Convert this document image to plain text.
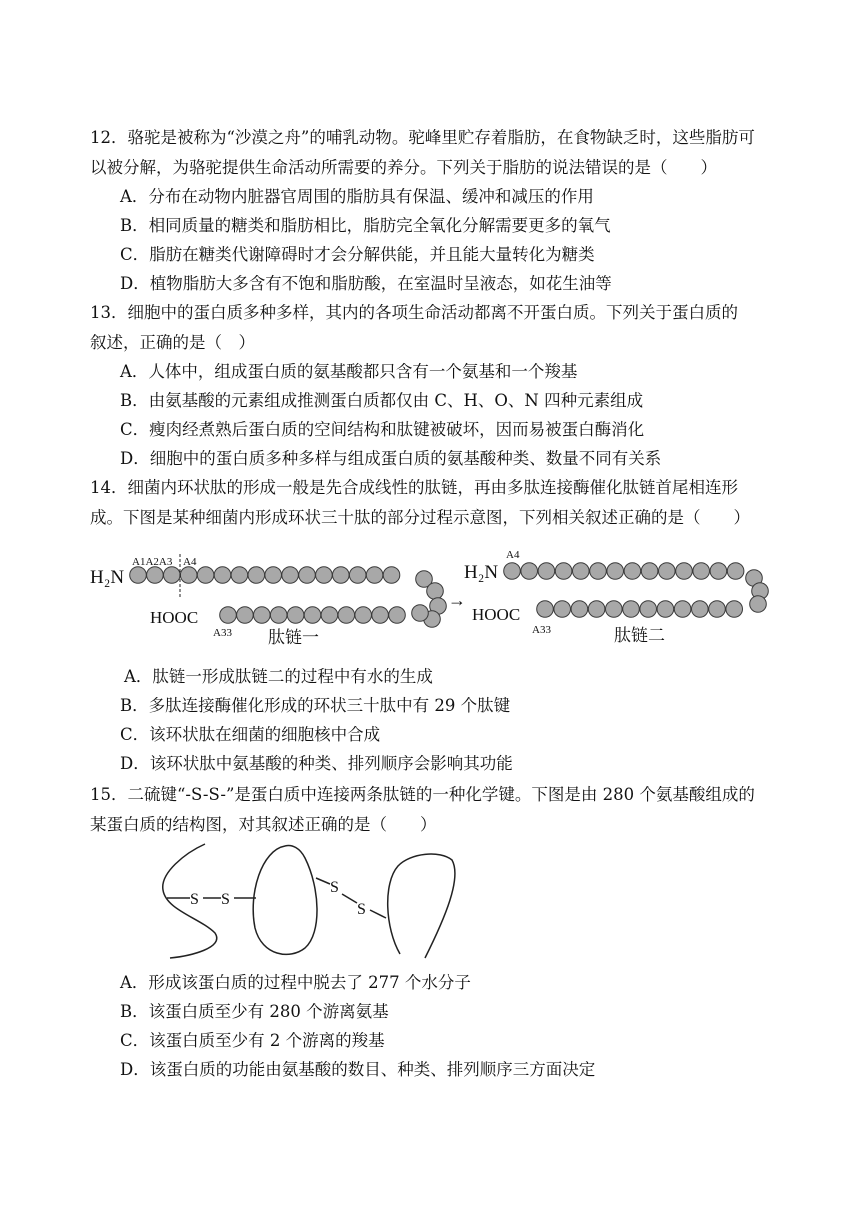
12．骆驼是被称为“沙漠之舟”的哺乳动物。驼峰里贮存着脂肪，在食物缺乏时，这些脂肪可
以被分解，为骆驼提供生命活动所需要的养分。下列关于脂肪的说法错误的是（　　）
A．分布在动物内脏器官周围的脂肪具有保温、缓冲和减压的作用
B．相同质量的糖类和脂肪相比，脂肪完全氧化分解需要更多的氧气
C．脂肪在糖类代谢障碍时才会分解供能，并且能大量转化为糖类
D．植物脂肪大多含有不饱和脂肪酸，在室温时呈液态，如花生油等
13．细胞中的蛋白质多种多样，其内的各项生命活动都离不开蛋白质。下列关于蛋白质的
叙述，正确的是（　）
A．人体中，组成蛋白质的氨基酸都只含有一个氨基和一个羧基
B．由氨基酸的元素组成推测蛋白质都仅由 C、H、O、N 四种元素组成
C．瘦肉经煮熟后蛋白质的空间结构和肽键被破坏，因而易被蛋白酶消化
D．细胞中的蛋白质多种多样与组成蛋白质的氨基酸种类、数量不同有关系
14．细菌内环状肽的形成一般是先合成线性的肽链，再由多肽连接酶催化肽链首尾相连形
成。下图是某种细菌内形成环状三十肽的部分过程示意图，下列相关叙述正确的是（　　）
A1A2A3 A4
H₂N
HOOC
A33 肽链一
→
A4
H₂N
HOOC
A33	肽链二
A．肽链一形成肽链二的过程中有水的生成
B．多肽连接酶催化形成的环状三十肽中有 29 个肽键
C．该环状肽在细菌的细胞核中合成
D．该环状肽中氨基酸的种类、排列顺序会影响其功能
15．二硫键“-S-S-”是蛋白质中连接两条肽链的一种化学键。下图是由 280 个氨基酸组成的
某蛋白质的结构图，对其叙述正确的是（　　）
S S
S
S
A．形成该蛋白质的过程中脱去了 277 个水分子
B．该蛋白质至少有 280 个游离氨基
C．该蛋白质至少有 2 个游离的羧基
D．该蛋白质的功能由氨基酸的数目、种类、排列顺序三方面决定
